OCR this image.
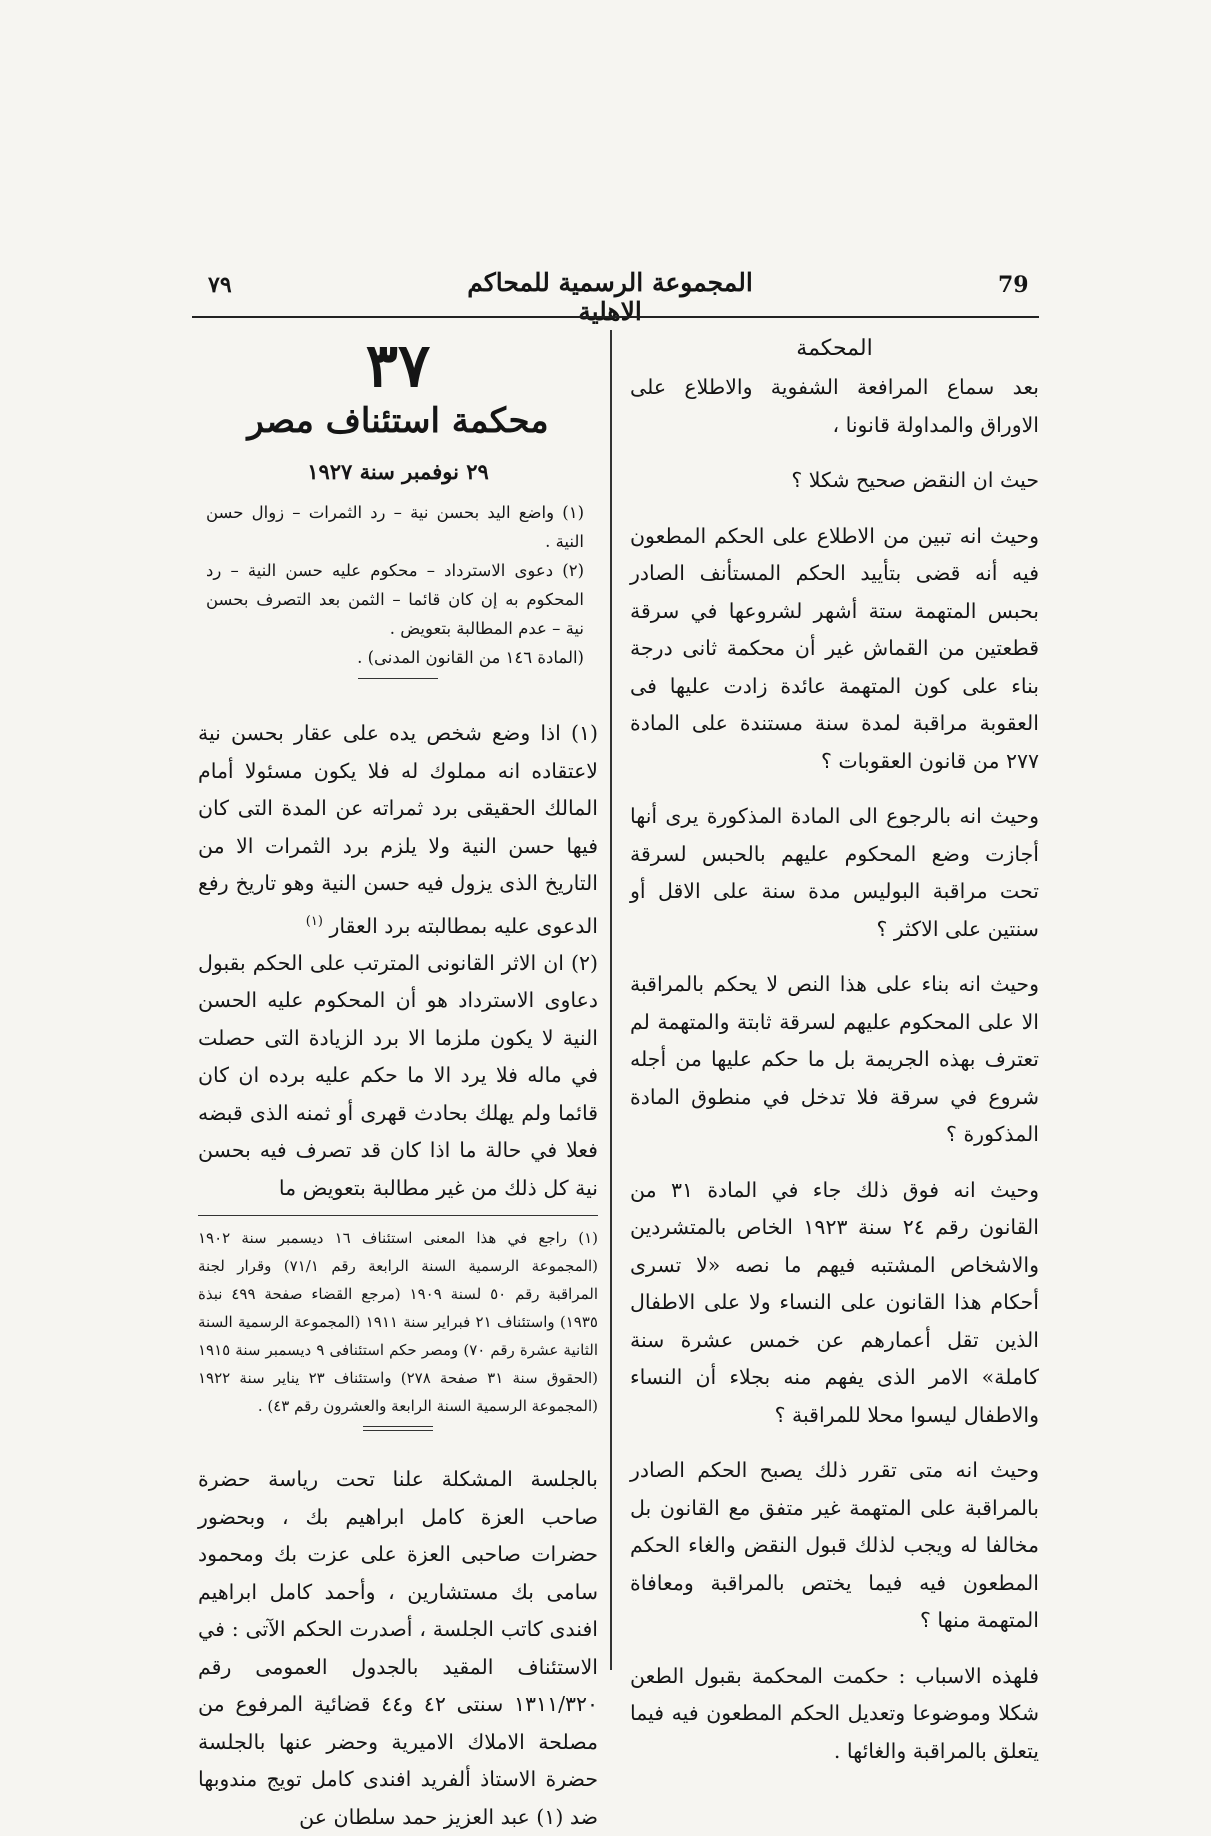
٧٩	المجموعة الرسمية للمحاكم الاهلية
79

المحكمة

بعد سماع المرافعة الشفوية والاطلاع على الاوراق والمداولة قانونا ،

حيث ان النقض صحيح شكلا ؟

وحيث انه تبين من الاطلاع على الحكم المطعون فيه أنه قضى بتأييد الحكم المستأنف الصادر بحبس المتهمة ستة أشهر لشروعها في سرقة قطعتين من القماش غير أن محكمة ثانى درجة بناء على كون المتهمة عائدة زادت عليها فى العقوبة مراقبة لمدة سنة مستندة على المادة ٢٧٧ من قانون العقوبات ؟

وحيث انه بالرجوع الى المادة المذكورة يرى أنها أجازت وضع المحكوم عليهم بالحبس لسرقة تحت مراقبة البوليس مدة سنة على الاقل أو سنتين على الاكثر ؟

وحيث انه بناء على هذا النص لا يحكم بالمراقبة الا على المحكوم عليهم لسرقة ثابتة والمتهمة لم تعترف بهذه الجريمة بل ما حكم عليها من أجله شروع في سرقة فلا تدخل في منطوق المادة المذكورة ؟

وحيث انه فوق ذلك جاء في المادة ٣١ من القانون رقم ٢٤ سنة ١٩٢٣ الخاص بالمتشردين والاشخاص المشتبه فيهم ما نصه «لا تسرى أحكام هذا القانون على النساء ولا على الاطفال الذين تقل أعمارهم عن خمس عشرة سنة كاملة» الامر الذى يفهم منه بجلاء أن النساء والاطفال ليسوا محلا للمراقبة ؟

وحيث انه متى تقرر ذلك يصبح الحكم الصادر بالمراقبة على المتهمة غير متفق مع القانون بل مخالفا له ويجب لذلك قبول النقض والغاء الحكم المطعون فيه فيما يختص بالمراقبة ومعافاة المتهمة منها ؟

فلهذه الاسباب : حكمت المحكمة بقبول الطعن شكلا وموضوعا وتعديل الحكم المطعون فيه فيما يتعلق بالمراقبة والغائها .

٣٧

محكمة استئناف مصر

٢٩ نوفمبر سنة ١٩٢٧

(١) واضع اليد بحسن نية – رد الثمرات – زوال حسن النية .

(٢) دعوى الاسترداد – محكوم عليه حسن النية – رد المحكوم به إن كان قائما – الثمن بعد التصرف بحسن نية – عدم المطالبة بتعويض .

(المادة ١٤٦ من القانون المدنى) .

(١) اذا وضع شخص يده على عقار بحسن نية لاعتقاده انه مملوك له فلا يكون مسئولا أمام المالك الحقيقى برد ثمراته عن المدة التى كان فيها حسن النية ولا يلزم برد الثمرات الا من التاريخ الذى يزول فيه حسن النية وهو تاريخ رفع الدعوى عليه بمطالبته برد العقار $^{(١)}$

(٢) ان الاثر القانونى المترتب على الحكم بقبول دعاوى الاسترداد هو أن المحكوم عليه الحسن النية لا يكون ملزما الا برد الزيادة التى حصلت في ماله فلا يرد الا ما حكم عليه برده ان كان قائما ولم يهلك بحادث قهرى أو ثمنه الذى قبضه فعلا في حالة ما اذا كان قد تصرف فيه بحسن نية كل ذلك من غير مطالبة بتعويض ما

(١) راجع في هذا المعنى استئناف ١٦ ديسمبر سنة ١٩٠٢ (المجموعة الرسمية السنة الرابعة رقم ٧١/١) وقرار لجنة المراقبة رقم ٥٠ لسنة ١٩٠٩ (مرجع القضاء صفحة ٤٩٩ نبذة ١٩٣٥) واستئناف ٢١ فبراير سنة ١٩١١ (المجموعة الرسمية السنة الثانية عشرة رقم ٧٠) ومصر حكم استئنافى ٩ ديسمبر سنة ١٩١٥ (الحقوق سنة ٣١ صفحة ٢٧٨) واستئناف ٢٣ يناير سنة ١٩٢٢ (المجموعة الرسمية السنة الرابعة والعشرون رقم ٤٣) .

بالجلسة المشكلة علنا تحت رياسة حضرة صاحب العزة كامل ابراهيم بك ، وبحضور حضرات صاحبى العزة على عزت بك ومحمود سامى بك مستشارين ، وأحمد كامل ابراهيم افندى كاتب الجلسة ، أصدرت الحكم الآتى : في الاستئناف المقيد بالجدول العمومى رقم ١٣١١/٣٢٠ سنتى ٤٢ و٤٤ قضائية المرفوع من مصلحة الاملاك الاميرية وحضر عنها بالجلسة حضرة الاستاذ ألفريد افندى كامل تويج مندوبها ضد (١) عبد العزيز حمد سلطان عن
